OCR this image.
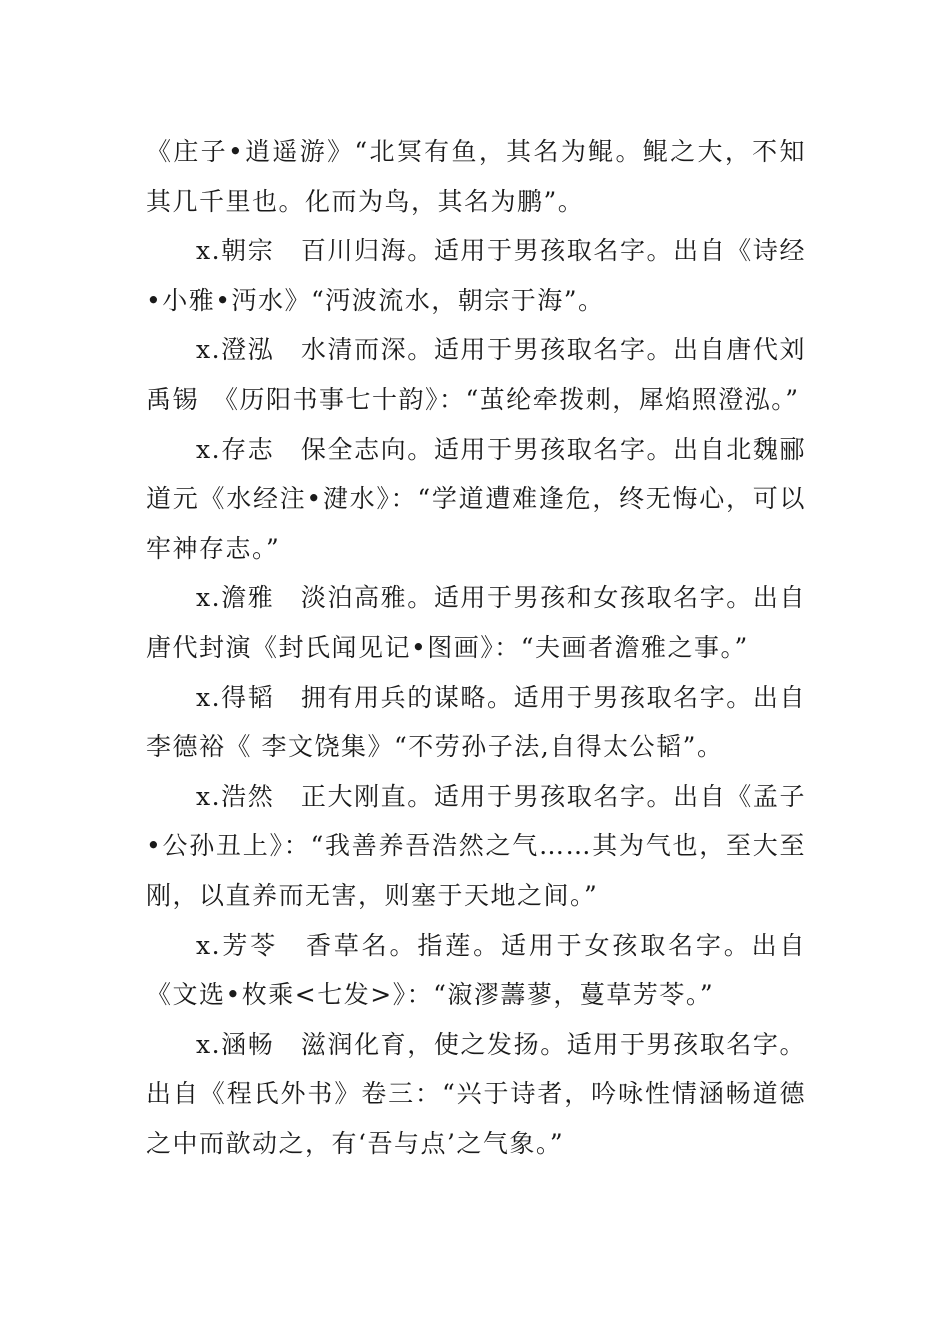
《庄子•逍遥游》“北冥有鱼，其名为鲲。鲲之大，不知其几千里也。化而为鸟，其名为鹏”。

x.朝宗　百川归海。适用于男孩取名字。出自《诗经•小雅•沔水》“沔波流水，朝宗于海”。

x.澄泓　水清而深。适用于男孩取名字。出自唐代刘禹锡　《历阳书事七十韵》：“茧纶牵拨刺，犀焰照澄泓。”

x.存志　保全志向。适用于男孩取名字。出自北魏郦道元《水经注•湕水》：“学道遭难逢危，终无悔心，可以牢神存志。”

x.澹雅　淡泊高雅。适用于男孩和女孩取名字。出自唐代封演《封氏闻见记•图画》：“夫画者澹雅之事。”

x.得韬　拥有用兵的谋略。适用于男孩取名字。出自李德裕《 李文饶集》“不劳孙子法,自得太公韬”。

x.浩然　正大刚直。适用于男孩取名字。出自《孟子•公孙丑上》：“我善养吾浩然之气……其为气也，至大至刚，以直养而无害，则塞于天地之间。”

x.芳苓　香草名。指莲。适用于女孩取名字。出自《文选•枚乘<七发>》：“漃漻薵蓼，蔓草芳苓。”

x.涵畅　滋润化育，使之发扬。适用于男孩取名字。出自《程氏外书》卷三：“兴于诗者，吟咏性情涵畅道德之中而歆动之，有‘吾与点’之气象。”
